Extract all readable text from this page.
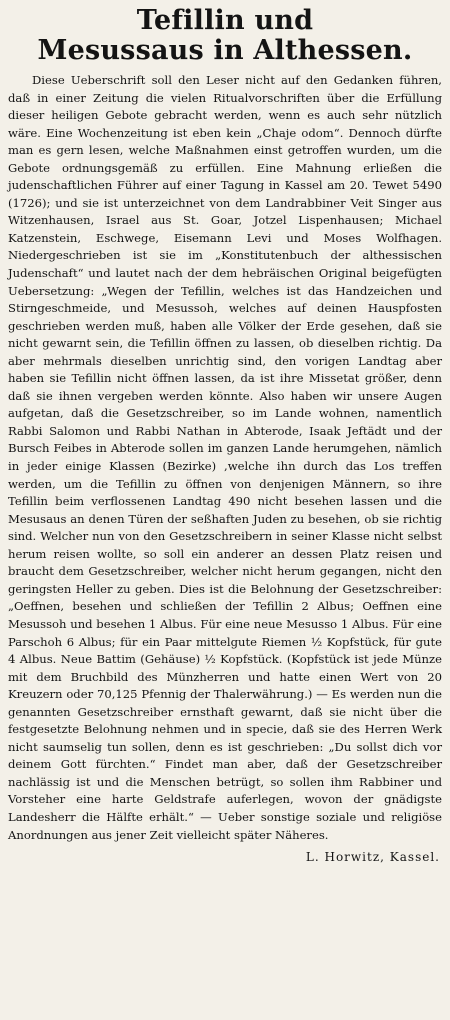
Tefillin und
Mesussaus in Althessen.

Diese Ueberschrift soll den Leser nicht auf den Gedanken führen, daß in einer Zeitung die vielen Ritualvorschriften über die Erfüllung dieser heiligen Gebote gebracht werden, wenn es auch sehr nützlich wäre. Eine Wochenzeitung ist eben kein „Chaje odom“. Dennoch dürfte man es gern lesen, welche Maßnahmen einst getroffen wurden, um die Gebote ordnungsgemäß zu erfüllen. Eine Mahnung erließen die judenschaftlichen Führer auf einer Tagung in Kassel am 20. Tewet 5490 (1726); und sie ist unterzeichnet von dem Landrabbiner Veit Singer aus Witzenhausen, Israel aus St. Goar, Jotzel Lispenhausen; Michael Katzenstein, Eschwege, Eisemann Levi und Moses Wolfhagen. Niedergeschrieben ist sie im „Konstitutenbuch der althessischen Judenschaft“ und lautet nach der dem hebräischen Original beigefügten Uebersetzung: „Wegen der Tefillin, welches ist das Handzeichen und Stirngeschmeide, und Mesussoh, welches auf deinen Hauspfosten geschrieben werden muß, haben alle Völker der Erde gesehen, daß sie nicht gewarnt sein, die Tefillin öffnen zu lassen, ob dieselben richtig. Da aber mehrmals dieselben unrichtig sind, den vorigen Landtag aber haben sie Tefillin nicht öffnen lassen, da ist ihre Missetat größer, denn daß sie ihnen vergeben werden könnte. Also haben wir unsere Augen aufgetan, daß die Gesetzschreiber, so im Lande wohnen, namentlich Rabbi Salomon und Rabbi Nathan in Abterode, Isaak Jeftädt und der Bursch Feibes in Abterode sollen im ganzen Lande herumgehen, nämlich in jeder einige Klassen (Bezirke) ,welche ihn durch das Los treffen werden, um die Tefillin zu öffnen von denjenigen Männern, so ihre Tefillin beim verflossenen Landtag 490 nicht besehen lassen und die Mesusaus an denen Türen der seßhaften Juden zu besehen, ob sie richtig sind. Welcher nun von den Gesetzschreibern in seiner Klasse nicht selbst herum reisen wollte, so soll ein anderer an dessen Platz reisen und braucht dem Gesetzschreiber, welcher nicht herum gegangen, nicht den geringsten Heller zu geben. Dies ist die Belohnung der Gesetzschreiber: „Oeffnen, besehen und schließen der Tefillin 2 Albus; Oeffnen eine Mesussoh und besehen 1 Albus. Für eine neue Mesusso 1 Albus. Für eine Parschoh 6 Albus; für ein Paar mittelgute Riemen ½ Kopfstück, für gute 4 Albus. Neue Battim (Gehäuse) ½ Kopfstück. (Kopfstück ist jede Münze mit dem Bruchbild des Münzherren und hatte einen Wert von 20 Kreuzern oder 70,125 Pfennig der Thalerwährung.) — Es werden nun die genannten Gesetzschreiber ernsthaft gewarnt, daß sie nicht über die festgesetzte Belohnung nehmen und in specie, daß sie des Herren Werk nicht saumselig tun sollen, denn es ist geschrieben: „Du sollst dich vor deinem Gott fürchten.“ Findet man aber, daß der Gesetzschreiber nachlässig ist und die Menschen betrügt, so sollen ihm Rabbiner und Vorsteher eine harte Geldstrafe auferlegen, wovon der gnädigste Landesherr die Hälfte erhält.“ — Ueber sonstige soziale und religiöse Anordnungen aus jener Zeit vielleicht später Näheres.

L. Horwitz, Kassel.
